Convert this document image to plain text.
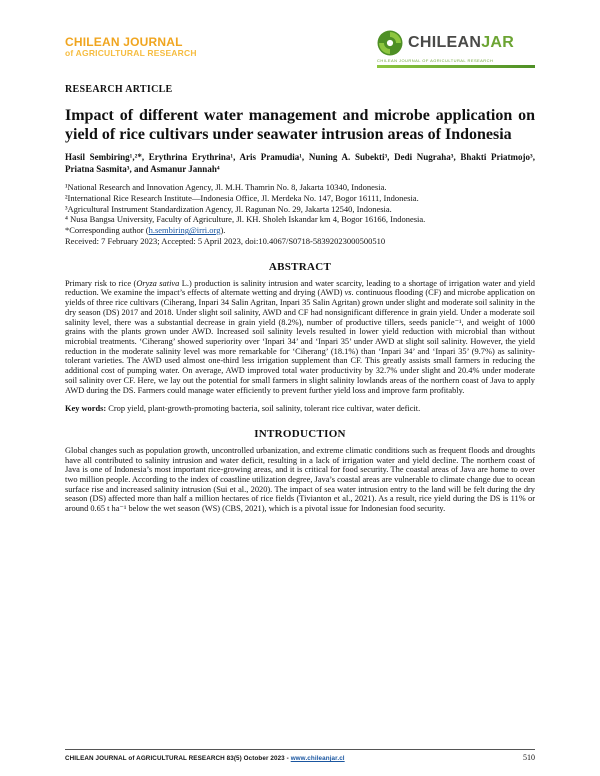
CHILEAN JOURNAL
of AGRICULTURAL RESEARCH
CHILEANJAR
CHILEAN JOURNAL OF AGRICULTURAL RESEARCH
RESEARCH ARTICLE
Impact of different water management and microbe application on yield of rice cultivars under seawater intrusion areas of Indonesia

Hasil Sembiring¹,²*, Erythrina Erythrina¹, Aris Pramudia¹, Nuning A. Subekti³, Dedi Nugraha³, Bhakti Priatmojo³, Priatna Sasmita³, and Asmanur Jannah⁴

¹National Research and Innovation Agency, Jl. M.H. Thamrin No. 8, Jakarta 10340, Indonesia.
²International Rice Research Institute—Indonesia Office, Jl. Merdeka No. 147, Bogor 16111, Indonesia.
³Agricultural Instrument Standardization Agency, Jl. Ragunan No. 29, Jakarta 12540, Indonesia.
⁴ Nusa Bangsa University, Faculty of Agriculture, Jl. KH. Sholeh Iskandar km 4, Bogor 16166, Indonesia.
*Corresponding author (h.sembiring@irri.org).
Received: 7 February 2023; Accepted: 5 April 2023, doi:10.4067/S0718-58392023000500510
ABSTRACT

Primary risk to rice (Oryza sativa L.) production is salinity intrusion and water scarcity, leading to a shortage of irrigation water and yield reduction. We examine the impact’s effects of alternate wetting and drying (AWD) vs. continuous flooding (CF) and microbe application on yields of three rice cultivars (Ciherang, Inpari 34 Salin Agritan, Inpari 35 Salin Agritan) grown under slight and moderate soil salinity in the dry season (DS) 2017 and 2018. Under slight soil salinity, AWD and CF had nonsignificant difference in grain yield. Under a moderate soil salinity level, there was a substantial decrease in grain yield (8.2%), number of productive tillers, seeds panicle⁻¹, and weight of 1000 grains with the plants grown under AWD. Increased soil salinity levels resulted in lower yield reduction with microbial than without microbial treatments. ‘Ciherang’ showed superiority over ‘Inpari 34’ and ‘Inpari 35’ under AWD at slight soil salinity. However, the yield reduction in the moderate salinity level was more remarkable for ‘Ciherang’ (18.1%) than ‘Inpari 34’ and ‘Inpari 35’ (9.7%) as salinity-tolerant varieties. The AWD used almost one-third less irrigation supplement than CF. This greatly assists small farmers in reducing the additional cost of pumping water. On average, AWD improved total water productivity by 32.7% under slight and 20.4% under moderate soil salinity over CF. Here, we lay out the potential for small farmers in slight salinity lowlands areas of the northern coast of Java to apply AWD during the DS. Farmers could manage water efficiently to prevent further yield loss and improve farm profitably.

Key words: Crop yield, plant-growth-promoting bacteria, soil salinity, tolerant rice cultivar, water deficit.

INTRODUCTION

Global changes such as population growth, uncontrolled urbanization, and extreme climatic conditions such as frequent floods and droughts have all contributed to salinity intrusion and water deficit, resulting in a lack of irrigation water and yield decline. The northern coast of Java is one of Indonesia’s most important rice-growing areas, and it is critical for food security. The coastal areas of Java are home to over two million people. According to the index of coastline utilization degree, Java’s coastal areas are vulnerable to climate change due to ocean surface rise and increased salinity intrusion (Sui et al., 2020). The impact of sea water intrusion entry to the land will be felt during the dry season (DS) affected more than half a million hectares of rice fields (Tivianton et al., 2021). As a result, rice yield during the DS is 11% or around 0.65 t ha⁻¹ below the wet season (WS) (CBS, 2021), which is a pivotal issue for Indonesian food security.

CHILEAN JOURNAL of AGRICULTURAL RESEARCH 83(5) October 2023 - www.chileanjar.cl	510
